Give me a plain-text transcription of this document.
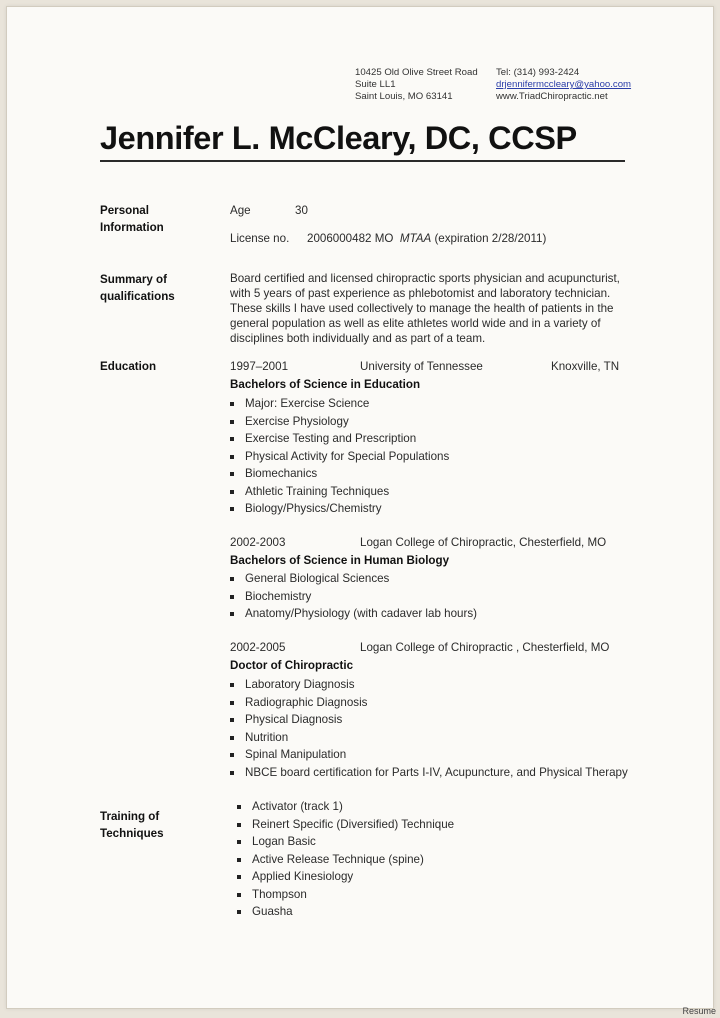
10425 Old Olive Street Road
Suite LL1
Saint Louis, MO 63141
Tel: (314) 993-2424
drjennifermccleary@yahoo.com
www.TriadChiropractic.net
Jennifer L. McCleary, DC, CCSP
Personal
Information
Age	30
License no. 2006000482 MO MTAA (expiration 2/28/2011)
Summary of
qualifications
Board certified and licensed chiropractic sports physician and acupuncturist,
with 5 years of past experience as phlebotomist and laboratory technician.
These skills I have used collectively to manage the health of patients in the
general population as well as elite athletes world wide and in a variety of
disciplines both individually and as part of a team.
Education	1997–2001	University of Tennessee	Knoxville, TN
Bachelors of Science in Education
Major: Exercise Science
Exercise Physiology
Exercise Testing and Prescription
Physical Activity for Special Populations
Biomechanics
Athletic Training Techniques
Biology/Physics/Chemistry
2002-2003	Logan College of Chiropractic, Chesterfield, MO
Bachelors of Science in Human Biology
General Biological Sciences
Biochemistry
Anatomy/Physiology (with cadaver lab hours)
2002-2005	Logan College of Chiropractic , Chesterfield, MO
Doctor of Chiropractic
Laboratory Diagnosis
Radiographic Diagnosis
Physical Diagnosis
Nutrition
Spinal Manipulation
NBCE board certification for Parts I-IV, Acupuncture, and Physical Therapy
Training of
Techniques
Activator (track 1)
Reinert Specific (Diversified) Technique
Logan Basic
Active Release Technique (spine)
Applied Kinesiology
Thompson
Guasha
Resume
